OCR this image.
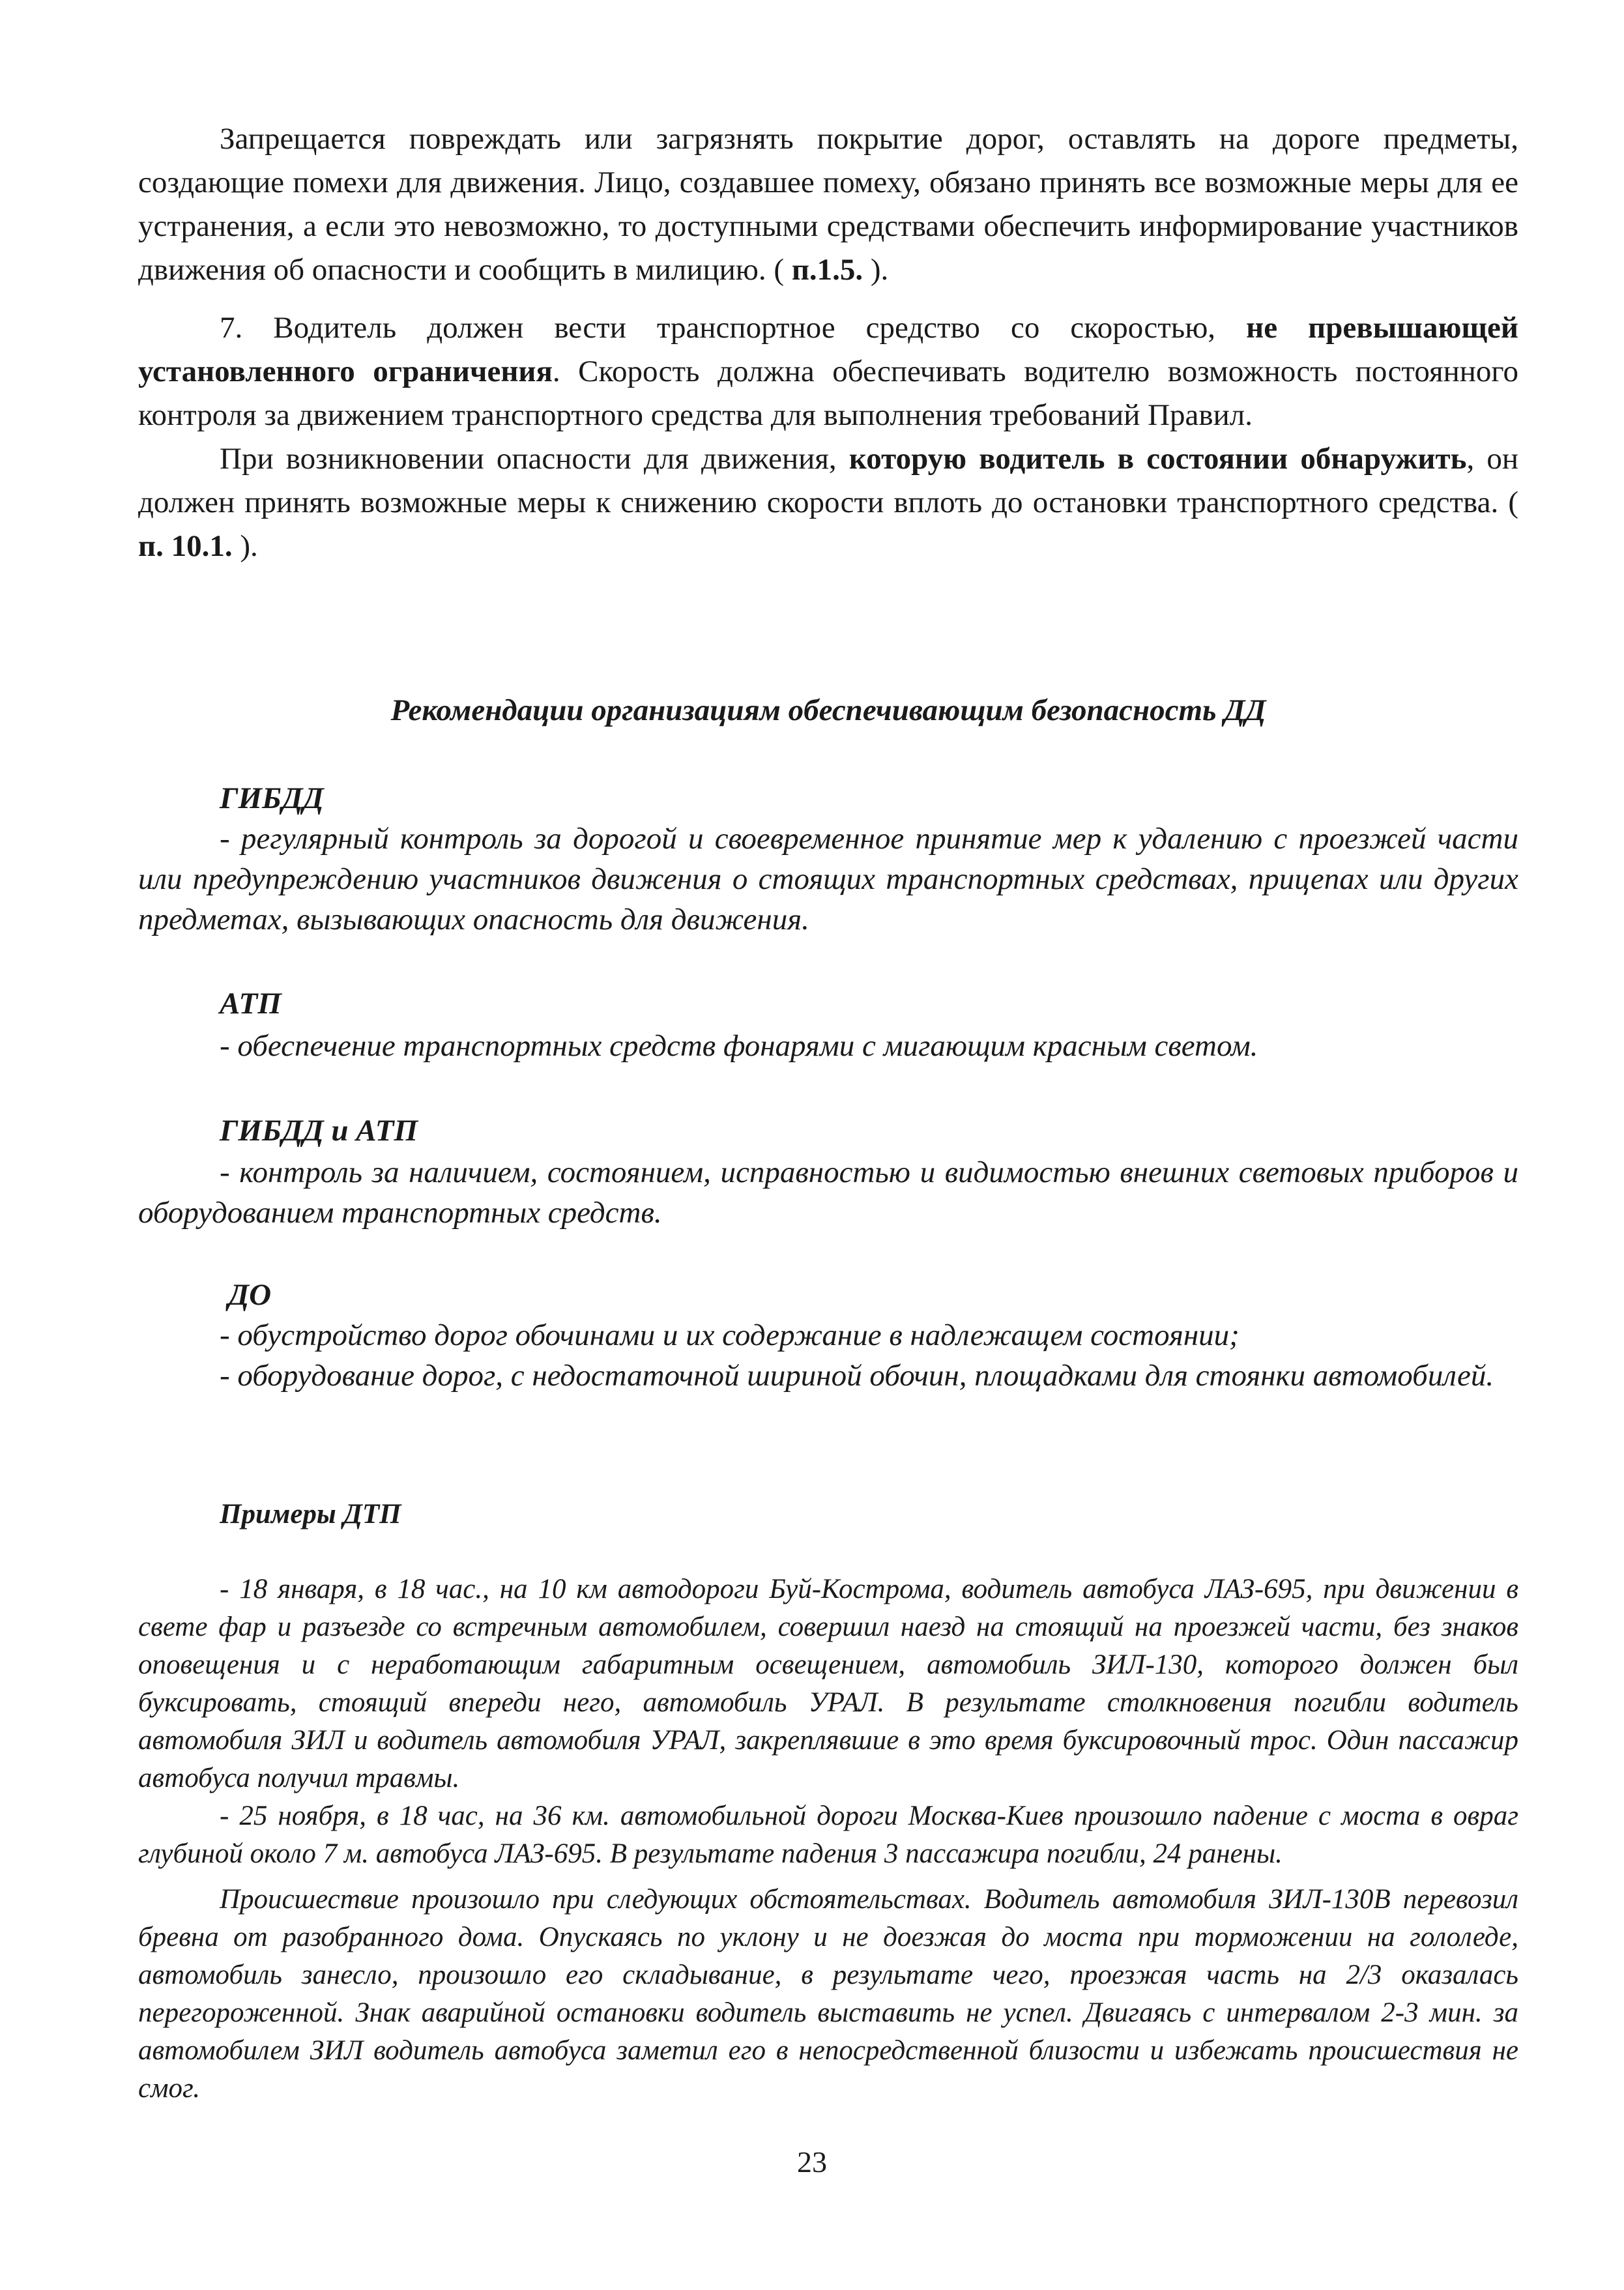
Запрещается повреждать или загрязнять покрытие дорог, оставлять на дороге предметы, создающие помехи для движения. Лицо, создавшее помеху, обязано принять все возможные меры для ее устранения, а если это невозможно, то доступными средствами обеспечить информирование участников движения об опасности и сообщить в милицию. ( п.1.5. ).

7. Водитель должен вести транспортное средство со скоростью, не превышающей установленного ограничения. Скорость должна обеспечивать водителю возможность постоянного контроля за движением транспортного средства для выполнения требований Правил.

При возникновении опасности для движения, которую водитель в состоянии обнаружить, он должен принять возможные меры к снижению скорости вплоть до остановки транспортного средства. ( п. 10.1. ).

Рекомендации организациям обеспечивающим безопасность ДД
ГИБДД

- регулярный контроль за дорогой и своевременное принятие мер к удалению с проезжей части или предупреждению участников движения о стоящих транспортных средствах, прицепах или других предметах, вызывающих опасность для движения.

АТП

- обеспечение транспортных средств фонарями с мигающим красным светом.

ГИБДД и АТП

- контроль за наличием, состоянием, исправностью и видимостью внешних световых приборов и оборудованием транспортных средств.

ДО

- обустройство дорог обочинами и их содержание в надлежащем состоянии;

- оборудование дорог, с недостаточной шириной обочин, площадками для стоянки автомобилей.

Примеры ДТП

- 18 января, в 18 час., на 10 км автодороги Буй-Кострома, водитель автобуса ЛАЗ-695, при движении в свете фар и разъезде со встречным автомобилем, совершил наезд на стоящий на проезжей части, без знаков оповещения и с неработающим габаритным освещением, автомобиль ЗИЛ-130, которого должен был буксировать, стоящий впереди него, автомобиль УРАЛ. В результате столкновения погибли водитель автомобиля ЗИЛ и водитель автомобиля УРАЛ, закреплявшие в это время буксировочный трос. Один пассажир автобуса получил травмы.

- 25 ноября, в 18 час, на 36 км. автомобильной дороги Москва-Киев произошло падение с моста в овраг глубиной около 7 м. автобуса ЛАЗ-695. В результате падения 3 пассажира погибли, 24 ранены.

Происшествие произошло при следующих обстоятельствах. Водитель автомобиля ЗИЛ-130В перевозил бревна от разобранного дома. Опускаясь по уклону и не доезжая до моста при торможении на гололеде, автомобиль занесло, произошло его складывание, в результате чего, проезжая часть на 2/3 оказалась перегороженной. Знак аварийной остановки водитель выставить не успел. Двигаясь с интервалом 2-3 мин. за автомобилем ЗИЛ водитель автобуса заметил его в непосредственной близости и избежать происшествия не смог.

23
